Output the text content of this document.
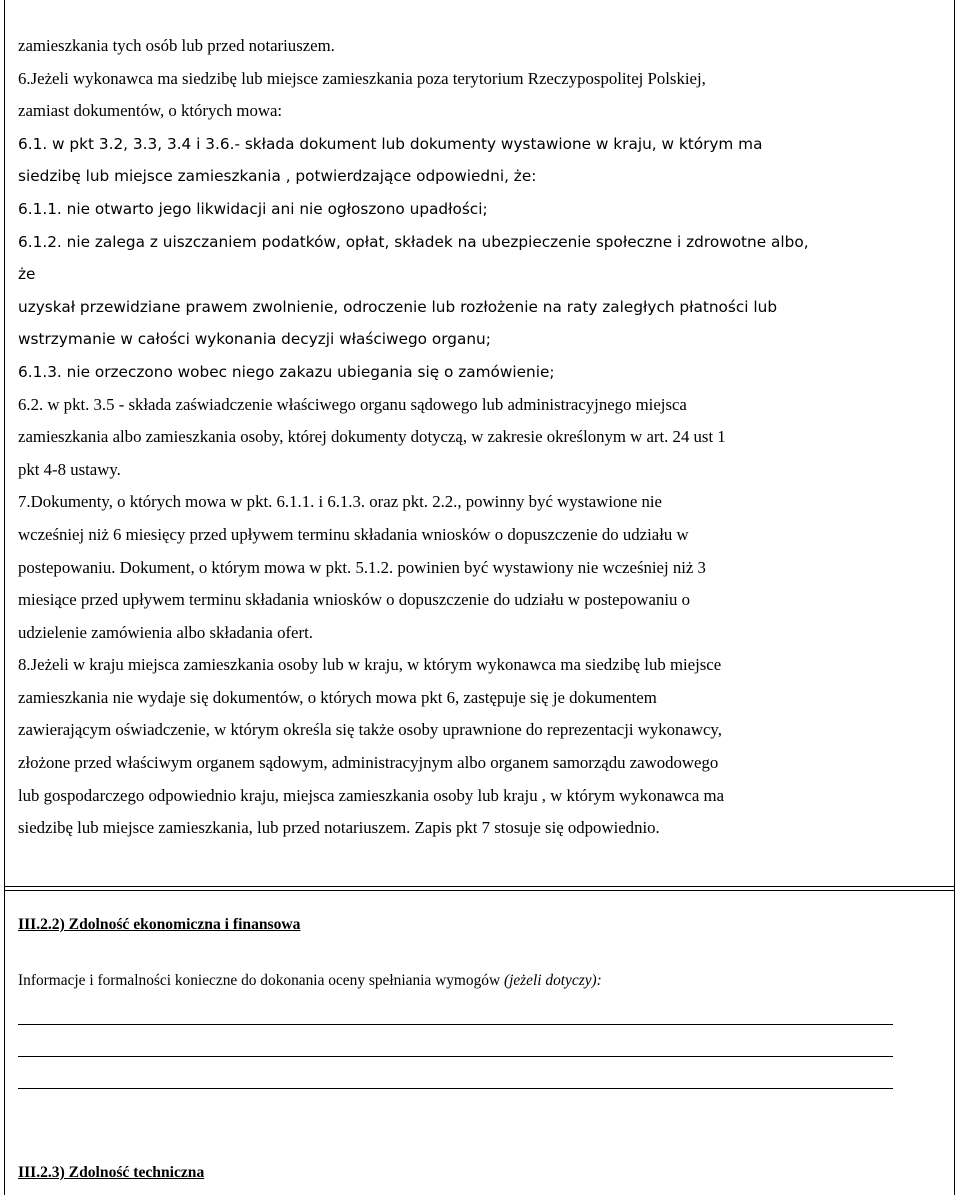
zamieszkania tych osób lub przed notariuszem.
6.Jeżeli wykonawca ma siedzibę lub miejsce zamieszkania poza terytorium Rzeczypospolitej Polskiej,
zamiast dokumentów, o których mowa:
6.1. w pkt 3.2, 3.3, 3.4 i 3.6.- składa dokument lub dokumenty wystawione w kraju, w którym ma
siedzibę lub miejsce zamieszkania , potwierdzające odpowiedni, że:
6.1.1. nie otwarto jego likwidacji ani nie ogłoszono upadłości;
6.1.2. nie zalega z uiszczaniem podatków, opłat, składek na ubezpieczenie społeczne i zdrowotne albo,
że
uzyskał przewidziane prawem zwolnienie, odroczenie lub rozłożenie na raty zaległych płatności lub
wstrzymanie w całości wykonania decyzji właściwego organu;
6.1.3. nie orzeczono wobec niego zakazu ubiegania się o zamówienie;
6.2. w pkt. 3.5 - składa zaświadczenie właściwego organu sądowego lub administracyjnego miejsca
zamieszkania albo zamieszkania osoby, której dokumenty dotyczą, w zakresie określonym w art. 24 ust 1
pkt 4-8 ustawy.
7.Dokumenty, o których mowa w pkt. 6.1.1. i 6.1.3. oraz pkt. 2.2., powinny być wystawione nie
wcześniej niż 6 miesięcy przed upływem terminu składania wniosków o dopuszczenie do udziału w
postepowaniu. Dokument, o którym mowa w pkt. 5.1.2. powinien być wystawiony nie wcześniej niż 3
miesiące przed upływem terminu składania wniosków o dopuszczenie do udziału w postepowaniu o
udzielenie zamówienia albo składania ofert.
8.Jeżeli w kraju miejsca zamieszkania osoby lub w kraju, w którym wykonawca ma siedzibę lub miejsce
zamieszkania nie wydaje się dokumentów, o których mowa pkt 6, zastępuje się je dokumentem
zawierającym oświadczenie, w którym określa się także osoby uprawnione do reprezentacji wykonawcy,
złożone przed właściwym organem sądowym, administracyjnym albo organem samorządu zawodowego
lub gospodarczego odpowiednio kraju, miejsca zamieszkania osoby lub kraju , w którym wykonawca ma
siedzibę lub miejsce zamieszkania, lub przed notariuszem. Zapis pkt 7 stosuje się odpowiednio.
III.2.2) Zdolność ekonomiczna i finansowa
Informacje i formalności konieczne do dokonania oceny spełniania wymogów (jeżeli dotyczy):
III.2.3) Zdolność techniczna
